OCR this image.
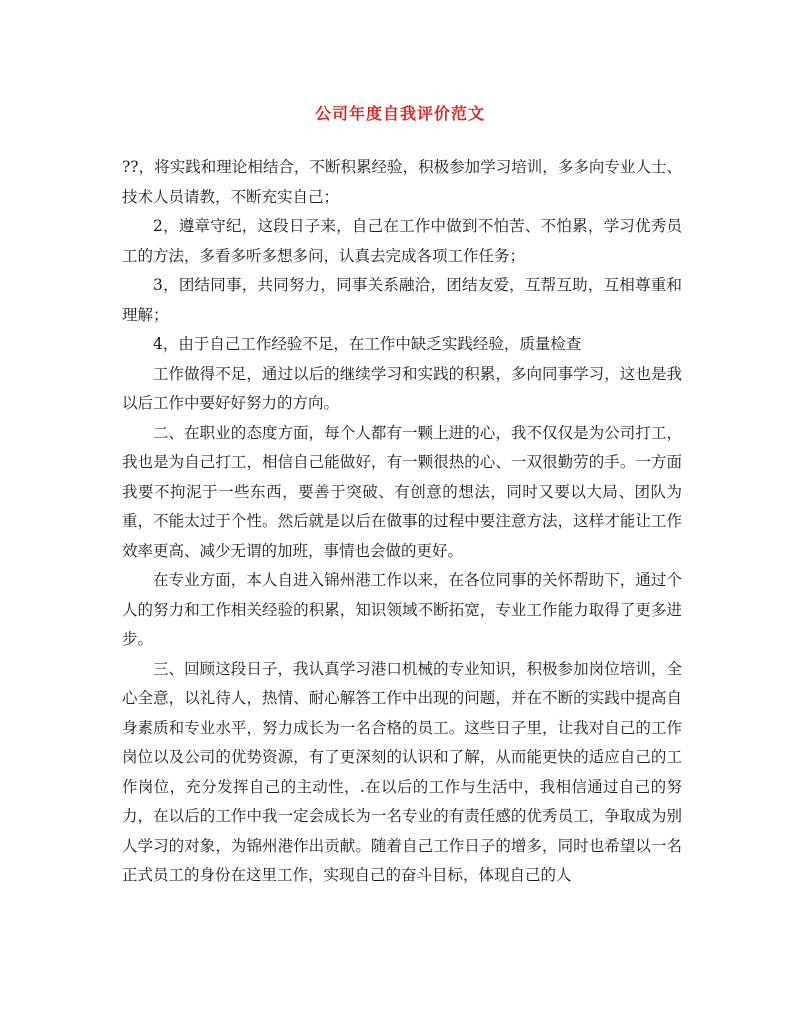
公司年度自我评价范文

??，将实践和理论相结合，不断积累经验，积极参加学习培训，多多向专业人士、技术人员请教，不断充实自己；

2，遵章守纪，这段日子来，自己在工作中做到不怕苦、不怕累，学习优秀员工的方法，多看多听多想多问，认真去完成各项工作任务；

3，团结同事，共同努力，同事关系融洽，团结友爱，互帮互助，互相尊重和理解；

4，由于自己工作经验不足，在工作中缺乏实践经验，质量检查

工作做得不足，通过以后的继续学习和实践的积累，多向同事学习，这也是我以后工作中要好好努力的方向。

二、在职业的态度方面，每个人都有一颗上进的心，我不仅仅是为公司打工，我也是为自己打工，相信自己能做好，有一颗很热的心、一双很勤劳的手。一方面我要不拘泥于一些东西，要善于突破、有创意的想法，同时又要以大局、团队为重，不能太过于个性。然后就是以后在做事的过程中要注意方法，这样才能让工作效率更高、减少无谓的加班，事情也会做的更好。

在专业方面，本人自进入锦州港工作以来，在各位同事的关怀帮助下，通过个人的努力和工作相关经验的积累，知识领域不断拓宽，专业工作能力取得了更多进步。

三、回顾这段日子，我认真学习港口机械的专业知识，积极参加岗位培训，全心全意，以礼待人，热情、耐心解答工作中出现的问题，并在不断的实践中提高自身素质和专业水平，努力成长为一名合格的员工。这些日子里，让我对自己的工作岗位以及公司的优势资源，有了更深刻的认识和了解，从而能更快的适应自己的工作岗位，充分发挥自己的主动性，.在以后的工作与生活中，我相信通过自己的努力，在以后的工作中我一定会成长为一名专业的有责任感的优秀员工，争取成为别人学习的对象，为锦州港作出贡献。随着自己工作日子的增多，同时也希望以一名正式员工的身份在这里工作，实现自己的奋斗目标，体现自己的人
